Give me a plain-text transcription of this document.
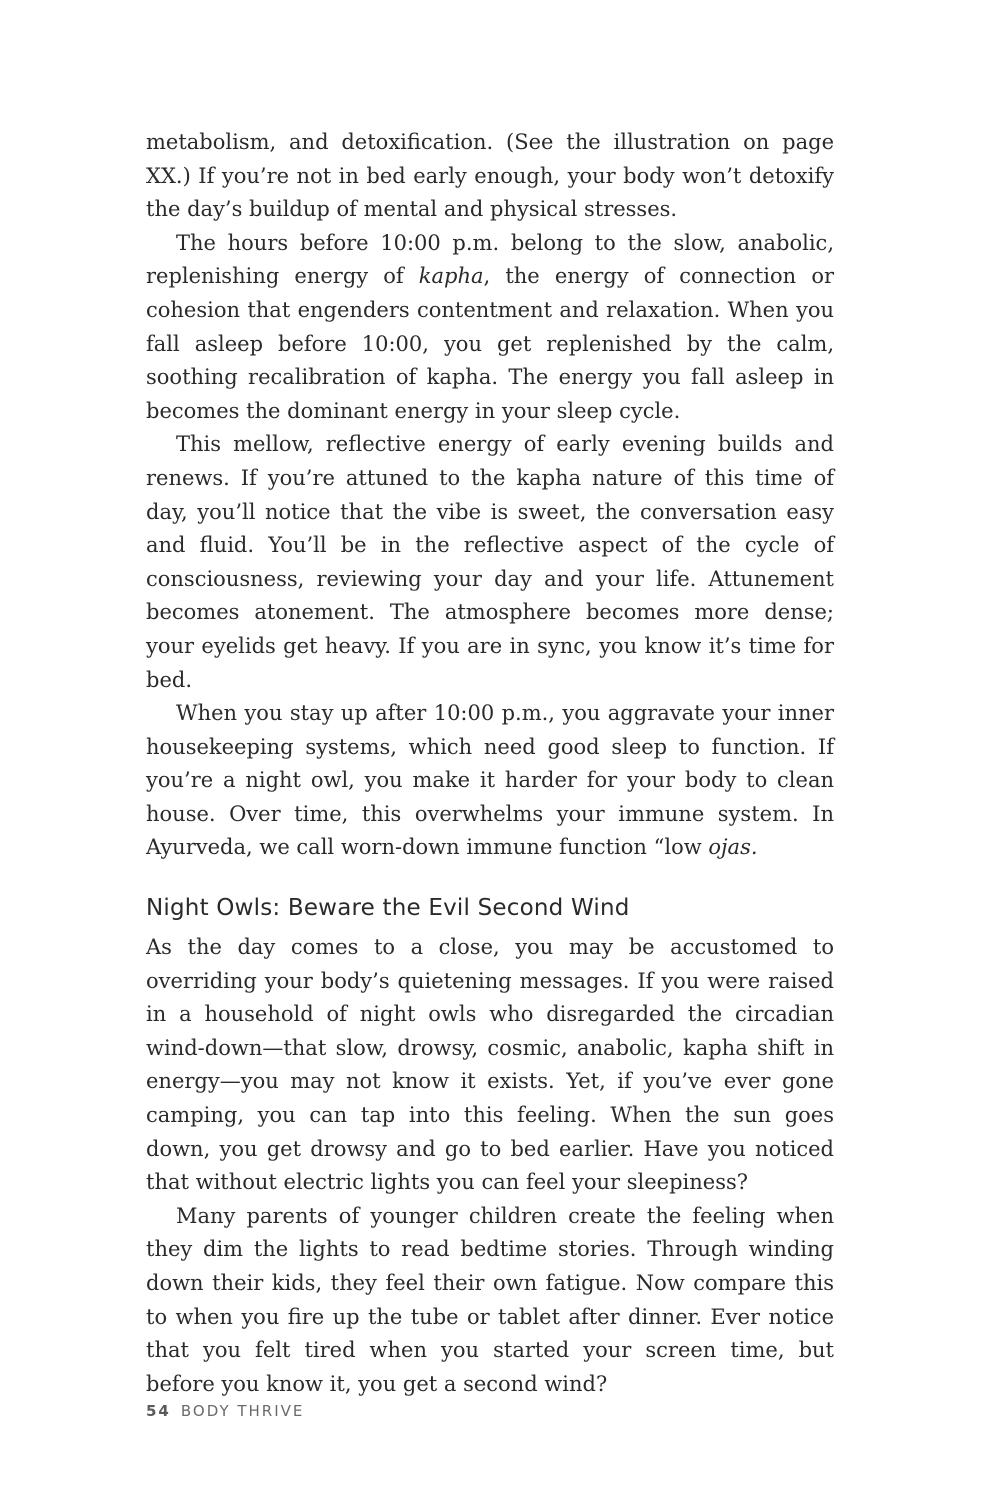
metabolism, and detoxification. (See the illustration on page XX.) If you’re not in bed early enough, your body won’t detoxify the day’s buildup of mental and physical stresses.

The hours before 10:00 p.m. belong to the slow, anabolic, replenishing energy of kapha, the energy of connection or cohesion that engenders contentment and relaxation. When you fall asleep before 10:00, you get replenished by the calm, soothing recalibration of kapha. The energy you fall asleep in becomes the dominant energy in your sleep cycle.

This mellow, reflective energy of early evening builds and renews. If you’re attuned to the kapha nature of this time of day, you’ll notice that the vibe is sweet, the conversation easy and fluid. You’ll be in the reflective aspect of the cycle of consciousness, reviewing your day and your life. Attunement becomes atonement. The atmosphere becomes more dense; your eyelids get heavy. If you are in sync, you know it’s time for bed.

When you stay up after 10:00 p.m., you aggravate your inner housekeeping systems, which need good sleep to function. If you’re a night owl, you make it harder for your body to clean house. Over time, this overwhelms your immune system. In Ayurveda, we call worn-down immune function “low ojas.

Night Owls: Beware the Evil Second Wind

As the day comes to a close, you may be accustomed to overriding your body’s quietening messages. If you were raised in a household of night owls who disregarded the circadian wind-down—that slow, drowsy, cosmic, anabolic, kapha shift in energy—you may not know it exists. Yet, if you’ve ever gone camping, you can tap into this feeling. When the sun goes down, you get drowsy and go to bed earlier. Have you noticed that without electric lights you can feel your sleepiness?

Many parents of younger children create the feeling when they dim the lights to read bedtime stories. Through winding down their kids, they feel their own fatigue. Now compare this to when you fire up the tube or tablet after dinner. Ever notice that you felt tired when you started your screen time, but before you know it, you get a second wind?

54 BODY THRIVE
